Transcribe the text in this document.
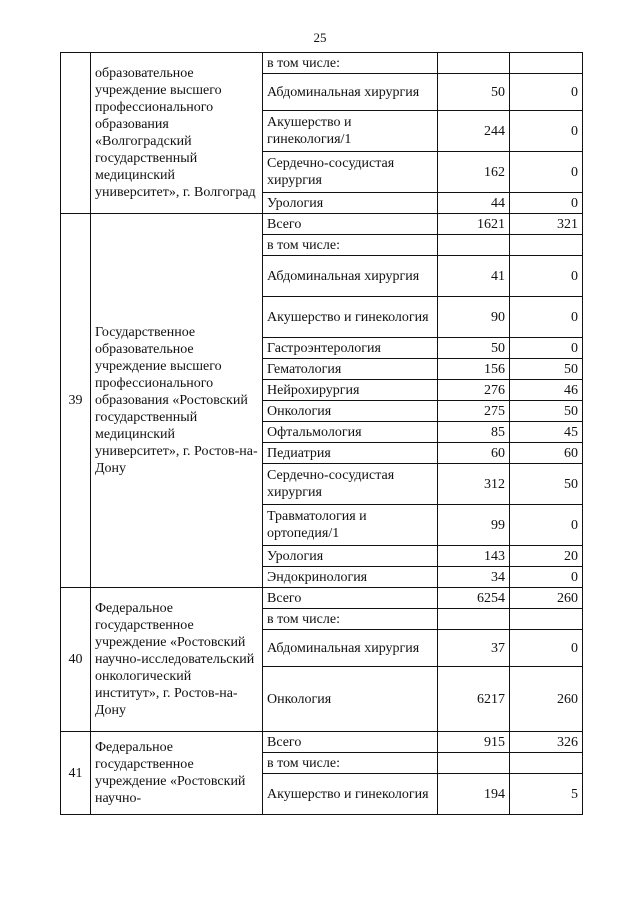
25
	образовательное учреждение высшего профессионального образования «Волгоградский государственный медицинский университет», г. Волгоград	в том числе:		
		Абдоминальная хирургия	50	0
		Акушерство и гинекология/1	244	0
		Сердечно-сосудистая хирургия	162	0
		Урология	44	0
39	Государственное образовательное учреждение высшего профессионального образования «Ростовский государственный медицинский университет», г. Ростов-на-Дону	Всего	1621	321
		в том числе:		
		Абдоминальная хирургия	41	0
		Акушерство и гинекология	90	0
		Гастроэнтерология	50	0
		Гематология	156	50
		Нейрохирургия	276	46
		Онкология	275	50
		Офтальмология	85	45
		Педиатрия	60	60
		Сердечно-сосудистая хирургия	312	50
		Травматология и ортопедия/1	99	0
		Урология	143	20
		Эндокринология	34	0
40	Федеральное государственное учреждение «Ростовский научно-исследовательский онкологический институт», г. Ростов-на-Дону	Всего	6254	260
		в том числе:		
		Абдоминальная хирургия	37	0
		Онкология	6217	260
41	Федеральное государственное учреждение «Ростовский научно-	Всего	915	326
		в том числе:		
		Акушерство и гинекология	194	5
